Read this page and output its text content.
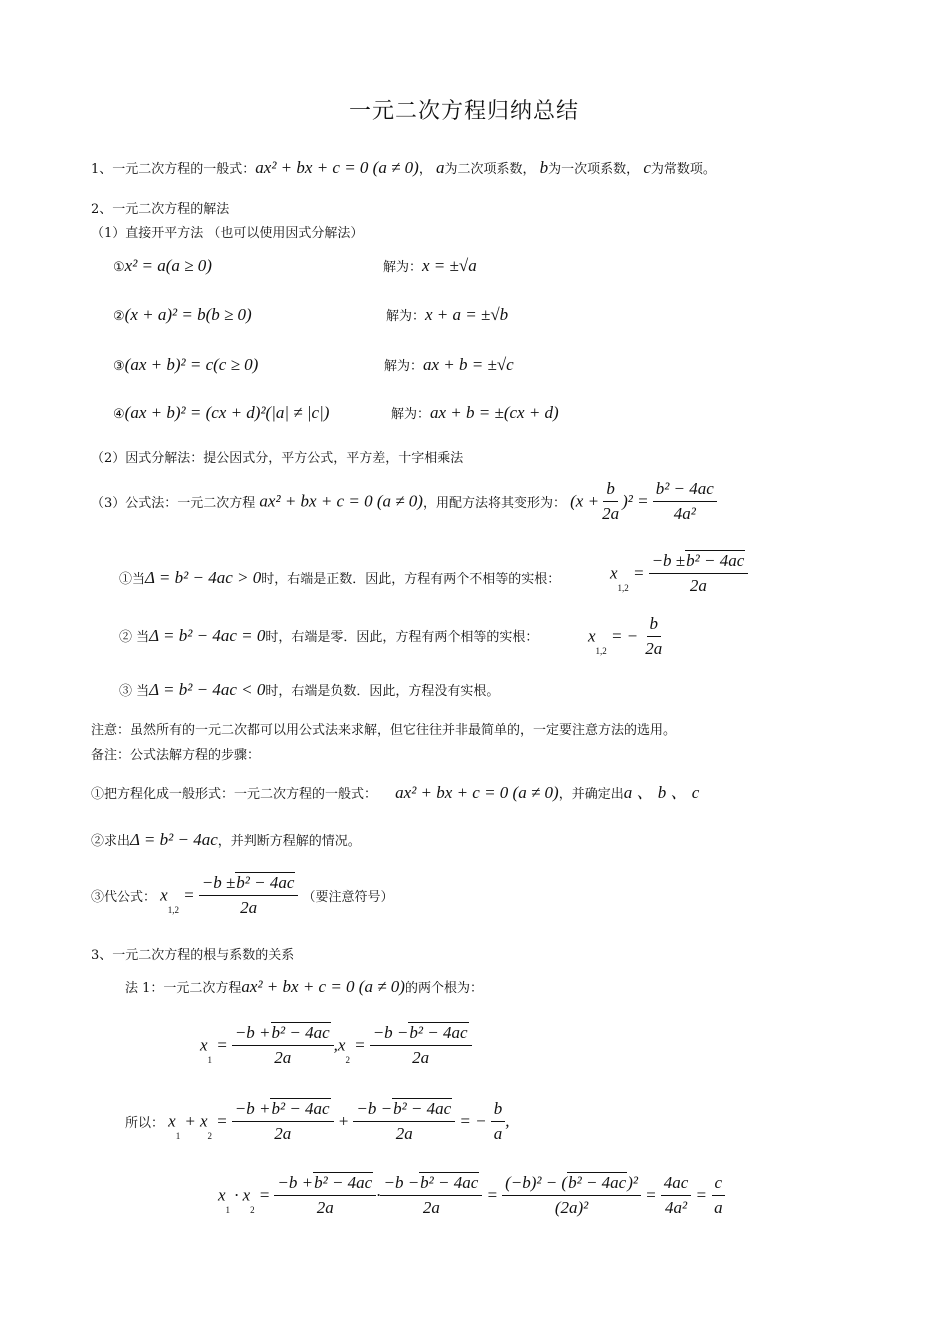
一元二次方程归纳总结
1、一元二次方程的一般式：ax² + bx + c = 0 (a ≠ 0)， a为二次项系数， b为一次项系数， c为常数项。
2、一元二次方程的解法
（1）直接开平方法 （也可以使用因式分解法）
①x² = a(a ≥ 0)	解为：x = ±√a
②(x + a)² = b(b ≥ 0)	解为：x + a = ±√b
③(ax + b)² = c(c ≥ 0)	解为：ax + b = ±√c
④(ax + b)² = (cx + d)²(|a| ≠ |c|)	解为：ax + b = ±(cx + d)
（2）因式分解法：提公因式分，平方公式，平方差，十字相乘法
（3）公式法：一元二次方程 ax² + bx + c = 0 (a ≠ 0)，用配方法将其变形为： $(x + \frac{b}{2a} )^2 = \frac{\text{b² − 4ac}}{\text{4a²}}$
①当Δ = b² − 4ac > 0时，右端是正数．因此，方程有两个不相等的实根：	$x_{1,2} = \frac{\text{−b ±b² − 4ac}}{2a}$
② 当Δ = b² − 4ac = 0时，右端是零．因此，方程有两个相等的实根：	$x_{1,2}$ = − $\frac{b}{2a}$
③ 当Δ = b² − 4ac < 0时，右端是负数．因此，方程没有实根。
注意：虽然所有的一元二次都可以用公式法来求解，但它往往并非最简单的，一定要注意方法的选用。
备注：公式法解方程的步骤：
①把方程化成一般形式：一元二次方程的一般式： ax² + bx + c = 0 (a ≠ 0)，并确定出a 、 b 、 c
②求出Δ = b² − 4ac，并判断方程解的情况。
③代公式： $x_{1,2} = \frac{\text{−b ±b² − 4ac}}{2a}$ （要注意符号）
3、一元二次方程的根与系数的关系
法 1：一元二次方程ax² + bx + c = 0 (a ≠ 0)的两个根为：
$x_1 = \frac{\text{−b +b² − 4ac}}{2a} ,x_2 = \frac{\text{−b −b² − 4ac}}{2a}$
所以： $x_1 + x_2 = \frac{\text{−b +b² − 4ac}}{2a} + \frac{\text{−b −b² − 4ac}}{2a}$ = − $\frac{b}{a}$ ,
$x_1 \cdot x_2 = \frac{\text{−b +b² − 4ac}}{2a} \cdot \frac{\text{−b −b² − 4ac}}{2a} = \frac{\text{(−b)² − (b² − 4ac)²}}{\text{(2a)²}} = \frac{4ac}{\text{4a²}} = \frac{c}{a}$
